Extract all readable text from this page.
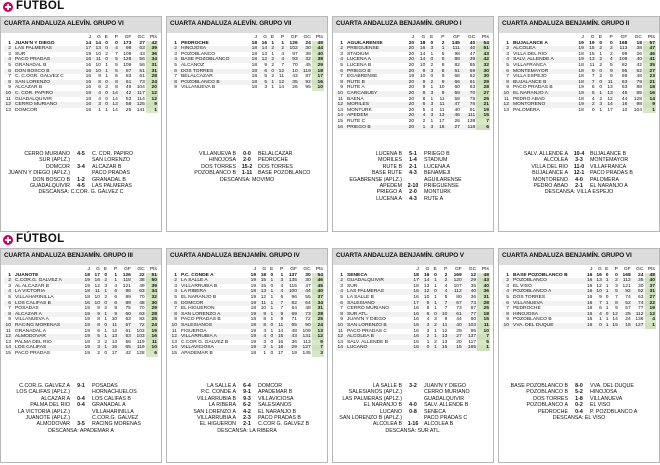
FÚTBOL
CUARTA ANDALUZA ALEVÍN. GRUPO VI
		J	G	E	P	GF	GC	Pts
1	JUAN'N Y DIEGO	14	14	0	0	173	27	42
2	LAS PALMERAS	17	13	0	4	98	63	39
3	SUR	19	10	2	7	109	43	36
4	PACO PRADAS	16	11	0	5	128	56	34
5	GRANADAL B	16	10	1	5	109	56	31
6	DON BOSCO B	16	10	1	5	87	51	31
7	C. C.OGR. GÁLVEZ C	16	9	1	6	83	61	28
8	SAN LORENZO	16	8	0	8	61	73	24
9	ALCAZAR B	16	6	2	8	49	104	20
10	C. COR. PAPIRO	18	4	0	14	42	117	12
11	GUADALQUIVIR	18	4	0	14	53	114	12
12	CERRO MURIANO	16	3	0	13	58	125	9
13	DOMCOR	16	1	1	14	25	141	1
CERRO MURIANO	4-5	C. COR. PAPIRO
SUR (APLZ.)	SAN LORENZO
DOMCOR	3-4	ALCAZAR B
JUAN'N Y DIEGO (APLZ.)	PACO PRADAS
DON BOSCO B	1-2	GRANADAL B
GUADALQUIVIR	4-5	LAS PALMERAS
DESCANSA: C.COR. G. GÁLVEZ C
CUARTA ANDALUZA ALEVÍN. GRUPO VII
		J	G	E	P	GF	GC	Pts
1	PEDROCHE	18	16	1	1	126	24	49
2	HINOJOSA	18	14	2	2	102	30	44
3	POZOBLANCO	18	13	1	4	97	38	40
4	BASE POZOBLANCO	18	12	2	4	93	32	38
5	ALCAÑOZ	18	9	2	7	70	45	29
6	DOS TORRES	18	6	0	12	10	119	18
7	BELALCÁZAR	18	5	2	11	43	87	17
8	POZOBLANCO B	18	5	1	12	35	92	16
9	VILLANUEVA B	18	3	1	14	26	95	10
VILLANUEVA B	0-0	BELALCÁZAR
HINOJOSA	2-0	PEDROCHE
DOS TORRES	15-2	DOS TORRES
POZOBLANCO B	1-11	BASE POZOBLANCO
DESCANSA: MOVIMO
CUARTA ANDALUZA BENJAMÍN. GRUPO I
		J	G	E	P	GF	GC	Pts
1	AGUILARENSE	20	18	0	2	145	40	54
2	PRIEGUENSE	20	16	3	1	111	40	51
3	STADIUM	20	14	1	5	98	47	43
4	LUCENA A	20	14	0	6	88	39	42
5	LUCENA B	20	10	2	8	82	65	32
6	PRIEGO B	20	9	3	8	61	69	30
7	EGABRENSE	19	10	0	9	68	62	30
8	RUTE B	20	9	2	9	66	61	29
9	RUTE A	20	9	1	10	60	63	28
10	CARCABUEY	20	8	3	9	69	70	27
11	BAENA	20	8	1	11	58	75	25
12	MORILES	20	6	3	11	47	76	21
13	MONTURK	20	5	4	11	40	91	19
14	APEDEM	20	4	3	13	46	111	15
15	RUTE C	20	2	1	17	26	138	7
16	PRIEGO B	20	1	3	16	27	118	6
LUCENA B	5-1	PRIEGO B
MORILES	1-4	STADIUM
RUTE B	2-1	LUCENA A
BASE RUTE	4-3	BENAMEJÍ
EGABRENSE (APLZ.)	AGUILARENSE
APEDEM	2-10	PRIEGUENSE
PRIEGO A	2-0	MONTURK
LUCENA A	4-3	RUTE A
CUARTA ANDALUZA BENJAMÍN. GRUPO II
		J	G	E	P	GF	GC	Pts
1	BUJALANCE A	19	19	0	0	168	18	57
2	ALCOLEA	19	15	2	2	113	38	47
3	VILLA DEL RÍO	18	15	1	2	99	26	46
4	SALV. ALLENDE A	19	13	2	4	109	40	41
5	VILLAFRANCA	18	11	2	5	82	42	35
6	MONTEMAYOR	18	9	0	9	95	62	27
7	VILLA ESPEJO	18	7	2	9	69	48	23
8	BUJALANCE B	18	7	0	11	63	79	21
9	PACO PRADAS B	19	6	0	13	53	88	18
10	EL NARANJO A	19	5	1	13	45	85	16
11	PEDRO ABAD	18	4	2	12	44	128	14
12	MONTOREÑO	19	2	3	14	16	98	9
13	PALOMERA	18	0	1	17	10	104	1
SALV. ALLENDE A	10-4	BUJALANCE B
ALCOLEA	3-3	MONTEMAYOR
VILLA DEL RÍO	11-0	VILLAFRANCA
BUJALANCE A	12-1	PACO PRADAS B
MONTOREÑO	4-0	PALOMERA
PEDRO ABAD	2-1	EL NARANJO A
DESCANSA: VILLA ESPEJO
FÚTBOL
CUARTA ANDALUZA BENJAMÍN. GRUPO III
		J	G	E	P	GF	GC	Pts
1	JUANOTE	18	17	0	1	126	22	51
2	C.COR.G. GÁLVEZ A	19	16	2	1	118	38	50
3	AL ALCAZAR B	19	12	3	4	121	49	39
4	LA VICTORIA	18	11	1	6	96	63	34
5	VILLAHARINILLA	18	10	2	6	89	70	32
6	LOS CALIFAS B	16	10	0	6	89	48	30
7	POSADAS	19	9	2	8	75	70	29
8	ALCÁZAR A	19	9	1	9	60	63	28
9	VILLANUEVA A	19	8	1	10	63	83	25
10	RACING MOREÑAS	19	8	0	11	57	72	24
11	GRANADAL A	19	6	1	12	61	103	19
12	ALMODÓVAR	19	5	1	13	53	103	16
13	PALMA DEL RÍO	18	3	2	13	56	119	11
14	LOS CALIFAS	19	3	1	15	65	119	10
15	PACO PRADAS	19	2	0	17	42	128	6
C.COR.G. GÁLVEZ A	9-1	POSADAS
LOS CALIFAS (APLZ.)	HORNACHUELOS
ALCAZAR A	0-4	LOS CALIFAS B
PALMA DEL RÍO	0-4	GRANADAL A
LA VICTORIA (APLZ.)	VILLAHARINILLA
JUANOTE (APLZ.)	C.COR.G. GÁLVEZ
ALMODÓVAR	3-5	RACING MOREÑAS
DESCANSA: APADEMAR A
CUARTA ANDALUZA BENJAMÍN. GRUPO IV
		J	G	E	P	GF	GC	Pts
1	P.C. CONDE A	19	18	0	1	137	30	54
2	LA SALLE A	19	15	1	3	135	30	46
3	VILLARRUBIA B	19	15	0	4	115	47	45
4	LA RIBERA	18	13	1	4	100	44	40
5	EL NARANJO B	19	12	1	6	96	55	37
6	DOMCOR	19	11	1	7	82	64	34
7	EL HIGUERÓN	18	10	1	7	64	48	31
8	SAN LORENZO A	19	9	1	9	69	73	28
9	PACO PRADAS B	18	8	1	9	71	72	25
10	SALESIANOS	19	8	0	11	65	90	24
11	FIGUEROA	19	4	1	14	48	109	13
12	VILLARRUBIA A	19	4	0	15	43	131	12
13	C.COR G. GÁLVEZ B	19	3	0	16	36	113	9
14	VILLAVICIOSA	19	2	1	16	29	127	7
15	APADEMAR B	18	1	0	17	19	145	3
LA SALLE A	6-4	DOMCOR
P.C. CONDE A	9-1	APADEMAR B
VILLARRUBIA B	9-3	VILLAVICIOSA
LA RIBERA	6-2	SALESIANOS
SAN LORENZO A	4-2	EL NARANJO B
VILLARRUBIA A	2-3	PACO PRADAS B
EL HIGUERÓN	2-1	C.COR G. GÁLVEZ B
DESCANSA: LA RIBERA
CUARTA ANDALUZA BENJAMÍN. GRUPO V
		J	G	E	P	GF	GC	Pts
1	SÉNECA	18	16	0	2	169	12	48
2	GUADALQUIVIR	17	14	1	2	120	29	43
3	SUR	18	13	1	4	107	35	40
4	LAS PALMERAS	16	12	0	4	112	40	36
5	LA SALLE B	16	10	1	5	80	36	31
6	SALESIANO	17	9	1	7	67	73	28
7	CERRO MURIANO	16	8	1	7	73	67	25
8	SUR ATL.	16	6	0	10	61	77	18
9	JUAN'N Y DIEGO	16	4	3	9	44	60	15
10	SAN LORENZO B	16	3	2	11	40	103	11
11	PACO PRADAS C	16	3	1	12	29	95	10
12	ALCOLEA B	16	2	1	13	27	137	7
13	SALV. ALLENDE B	16	1	2	13	20	117	5
14	LUCANO	16	0	1	15	15	165	1
LA SALLE B	3-2	JUAN'N Y DIEGO
SALESIANOS (APLZ.)	CERRO MURIANO
LAS PALMERAS (APLZ.)	GUADALQUIVIR
EL NARANJO B	4-0	SALV. ALLENDE B
LUCANO	0-8	SÉNECA
SAN LORENZO B (APLZ.)	PACO PRADAS C
ALCOLEA B	1-16	ALCOLEA B
DESCANSA: SUR ATL.
CUARTA ANDALUZA BENJAMÍN. GRUPO VI
		J	G	E	P	GF	GC	Pts
1	BASE POZOBLANCO B	16	16	0	0	168	24	48
2	POZOBLANCO	16	13	1	2	112	35	40
3	EL VISO	16	12	1	3	121	30	37
4	POZOBLANCO A	16	10	1	5	92	52	31
5	DOS TORRES	16	9	0	7	74	63	27
6	VILLANUEVA	16	7	1	8	52	74	22
7	PEDROCHE	16	6	1	9	57	77	19
8	HINOJOSA	16	4	0	12	25	112	12
9	POZOBLANCO B	16	1	1	14	24	136	4
10	VVA. DEL DUQUE	16	0	1	15	15	127	1
BASE POZOBLANCO B	8-0	VVA. DEL DUQUE
POZOBLANCO B	5-2	HINOJOSA
DOS TORRES	1-8	VILLANUEVA
POZOBLANCO A	0-2	EL VISO
PEDROCHE	0-4	P. POZOBLANCO A
DESCANSA: EL VISO
